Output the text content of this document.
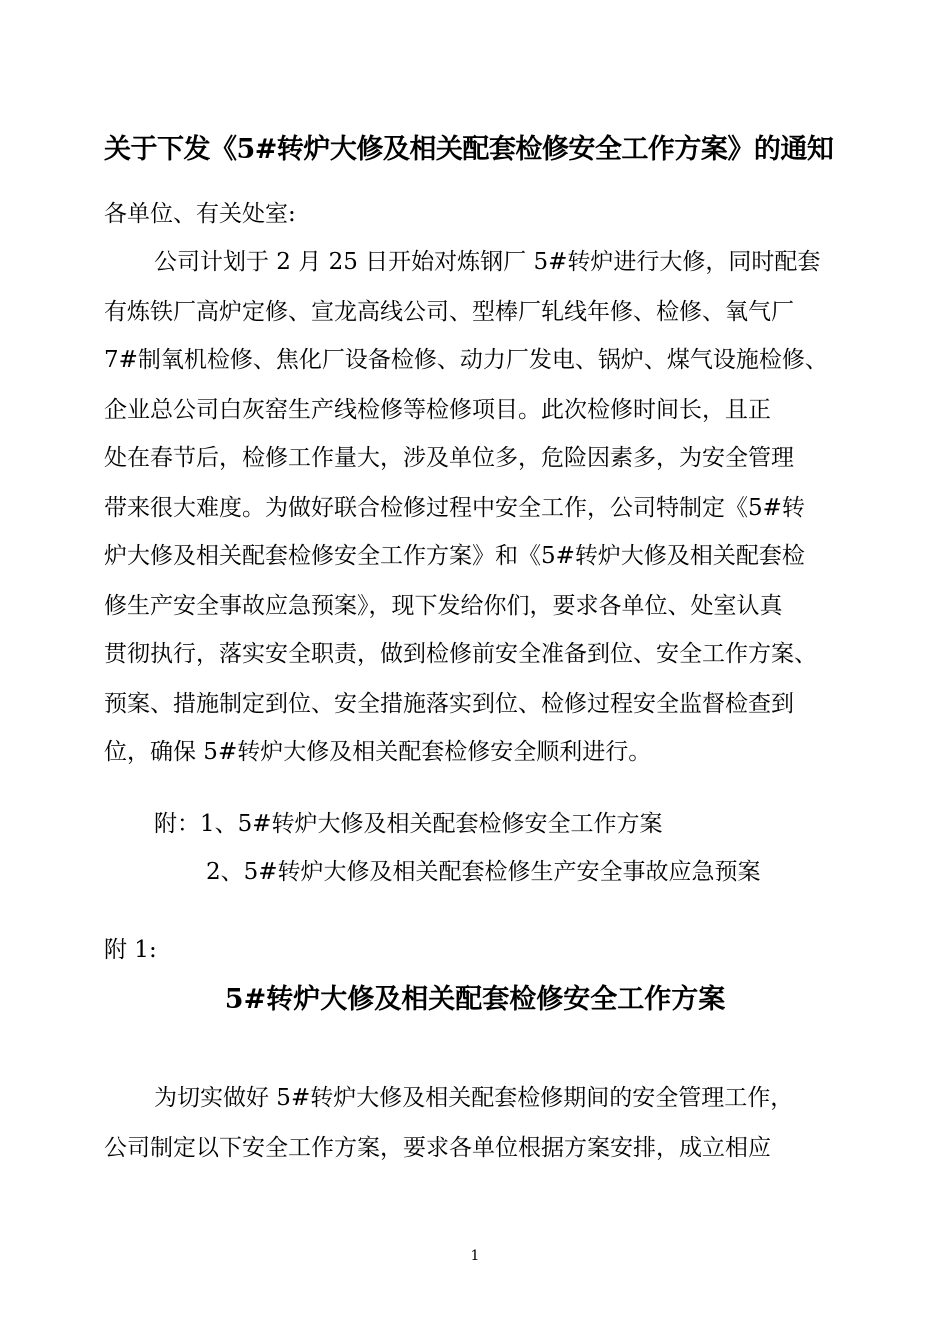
关于下发《5#转炉大修及相关配套检修安全工作方案》的通知
各单位、有关处室:
公司计划于 2 月 25 日开始对炼钢厂 5#转炉进行大修，同时配套
有炼铁厂高炉定修、宣龙高线公司、型棒厂轧线年修、检修、氧气厂
7#制氧机检修、焦化厂设备检修、动力厂发电、锅炉、煤气设施检修、
企业总公司白灰窑生产线检修等检修项目。此次检修时间长，且正
处在春节后，检修工作量大，涉及单位多，危险因素多，为安全管理
带来很大难度。为做好联合检修过程中安全工作，公司特制定《5#转
炉大修及相关配套检修安全工作方案》和《5#转炉大修及相关配套检
修生产安全事故应急预案》，现下发给你们，要求各单位、处室认真
贯彻执行，落实安全职责，做到检修前安全准备到位、安全工作方案、
预案、措施制定到位、安全措施落实到位、检修过程安全监督检查到
位，确保 5#转炉大修及相关配套检修安全顺利进行。
附：1、5#转炉大修及相关配套检修安全工作方案
2、5#转炉大修及相关配套检修生产安全事故应急预案
附 1:
5#转炉大修及相关配套检修安全工作方案
为切实做好 5#转炉大修及相关配套检修期间的安全管理工作，
公司制定以下安全工作方案，要求各单位根据方案安排，成立相应
1
